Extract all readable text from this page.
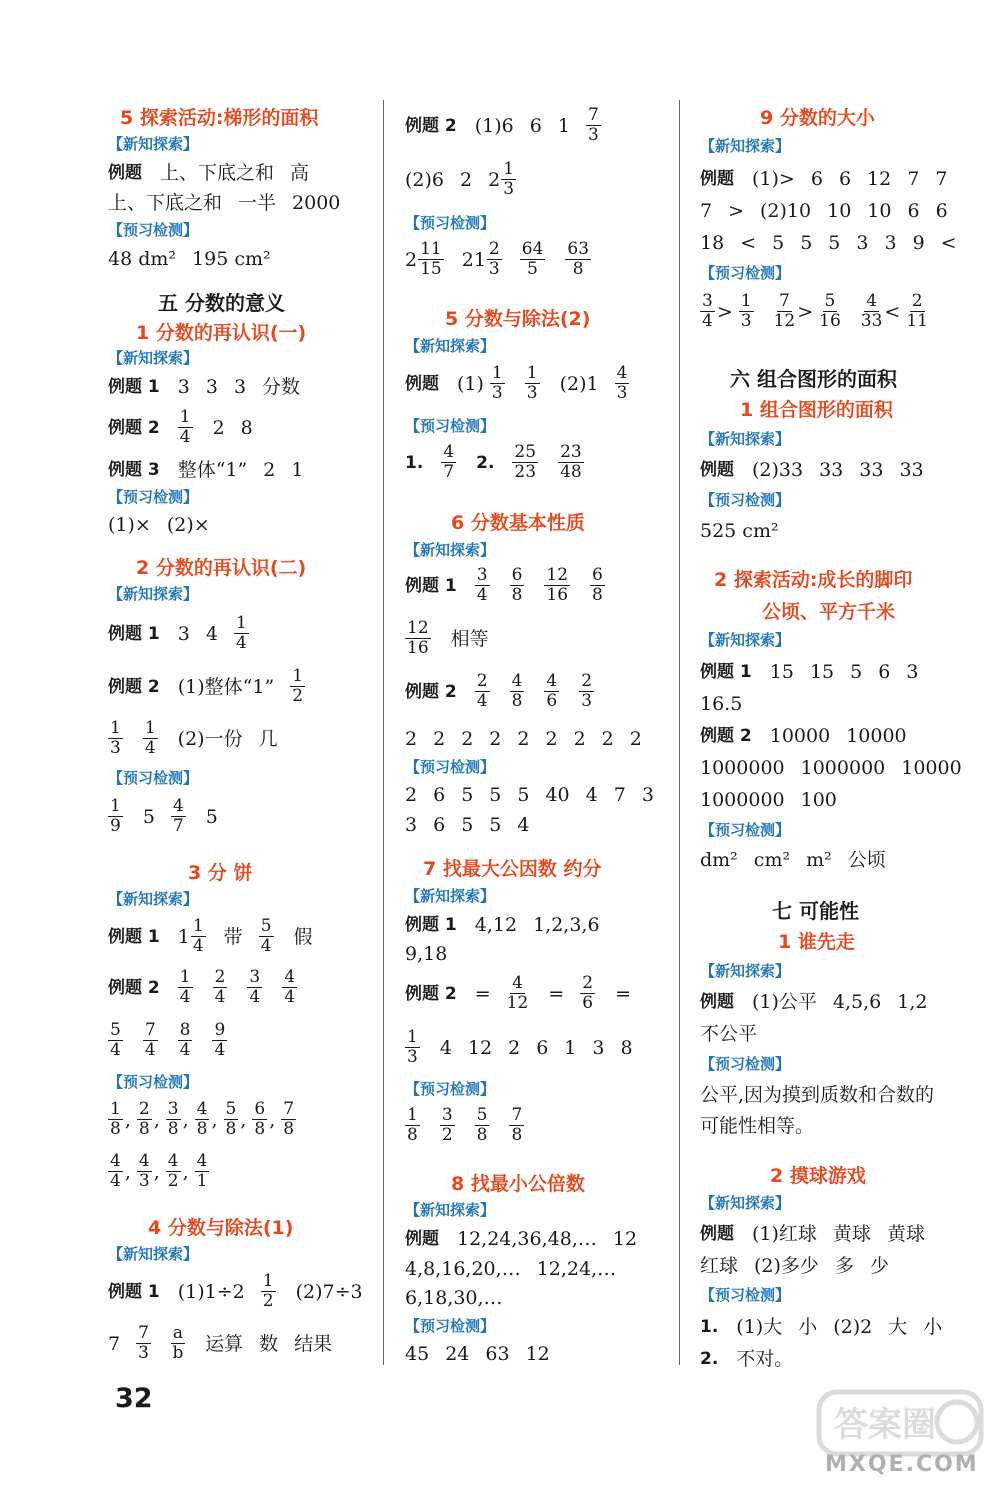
5 探索活动:梯形的面积
【新知探索】
例题 上、下底之和 高
上、下底之和 一半 2000
【预习检测】
48 dm² 195 cm²
五 分数的意义
1 分数的再认识(一)
【新知探索】
例题 1 3 3 3 分数
例题 $2 \frac{1}{4} 2$ 8
例题 3 整体“1” 2 1
【预习检测】
(1)× (2)×
2 分数的再认识(二)
【新知探索】
例题 1 3 $4 \frac{1}{4}$
例题 2 (1)整体“1” $\frac{1}{2}$
$\frac{1}{3} \frac{1}{4} (2)$一份 几
【预习检测】
$\frac{1}{9} 5 \frac{4}{7} 5$
3 分 饼
【新知探索】
例题 1 $1 \frac{1}{4}$ 带 $\frac{5}{4}$ 假
例题 $2 \frac{1}{4} \frac{2}{4} \frac{3}{4} \frac{4}{4}$
$\frac{5}{4} \frac{7}{4} \frac{8}{4} \frac{9}{4}$
【预习检测】
$\frac{1}{8}$ , $\frac{2}{8}$ , $\frac{3}{8}$ , $\frac{4}{8}$ , $\frac{5}{8}$ , $\frac{6}{8}$ , $\frac{7}{8}$
$\frac{4}{4}$ , $\frac{4}{3}$ , $\frac{4}{2}$ , $\frac{4}{1}$
4 分数与除法(1)
【新知探索】
例题 1 $(1)1\div 2 \frac{1}{2} (2)7\div 3$
$7 \frac{7}{3} \frac{a}{b}$ 运算 数 结果
例题 2 (1)6 6 $1 \frac{7}{3}$
(2)6 2 $2 \frac{1}{3}$
【预习检测】
$2 \frac{11}{15} 21 \frac{2}{3} \frac{64}{5} \frac{63}{8}$
5 分数与除法(2)
【新知探索】
例题 $(1) \frac{1}{3} \frac{1}{3} (2)1 \frac{4}{3}$
【预习检测】
1. $\frac{4}{7} 2$. $\frac{25}{23} \frac{23}{48}$
6 分数基本性质
【新知探索】
例题 $1 \frac{3}{4} \frac{6}{8} \frac{12}{16} \frac{6}{8}$
$\frac{12}{16}$ 相等
例题 $2 \frac{2}{4} \frac{4}{8} \frac{4}{6} \frac{2}{3}$
2 2 2 2 2 2 2 2 2
【预习检测】
2 6 5 5 5 40 4 7 3
3 6 5 5 4
7 找最大公因数 约分
【新知探索】
例题 1 4,12 1,2,3,6
9,18
例题 $2 = \frac{4}{12} = \frac{2}{6}$ =
$\frac{1}{3} 4$ 12 2 6 1 3 8
【预习检测】
$\frac{1}{8} \frac{3}{2} \frac{5}{8} \frac{7}{8}$
8 找最小公倍数
【新知探索】
例题 12,24,36,48,… 12
4,8,16,20,… 12,24,…
6,18,30,…
【预习检测】
45 24 63 12
9 分数的大小
【新知探索】
例题 (1)> 6 6 12 7 7
7 > (2)10 10 10 6 6
18 < 5 5 5 3 3 9 <
【预习检测】
$\frac{3}{4} > \frac{1}{3} \frac{7}{12} > \frac{5}{16} \frac{4}{33} < \frac{2}{11}$
六 组合图形的面积
1 组合图形的面积
【新知探索】
例题 (2)33 33 33 33
【预习检测】
525 cm²
2 探索活动:成长的脚印
公顷、平方千米
【新知探索】
例题 1 15 15 5 6 3
16.5
例题 2 10000 10000
1000000 1000000 10000
1000000 100
【预习检测】
dm² cm² m² 公顷
七 可能性
1 谁先走
【新知探索】
例题 (1)公平 4,5,6 1,2
不公平
【预习检测】
公平,因为摸到质数和合数的
可能性相等。
2 摸球游戏
【新知探索】
例题 (1)红球 黄球 黄球
红球 (2)多少 多 少
【预习检测】
1. (1)大 小 (2)2 大 小
2. 不对。
32
答案圈
MXQE.COM
